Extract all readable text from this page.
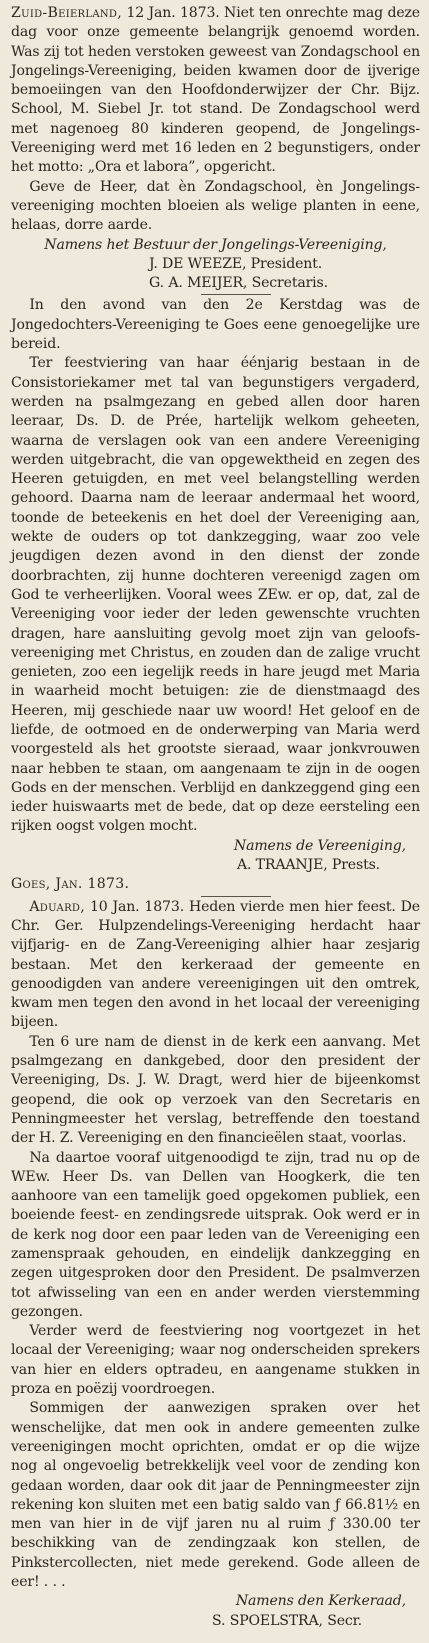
Zuid-Beierland, 12 Jan. 1873. Niet ten onrechte mag deze dag voor onze gemeente belangrijk genoemd worden. Was zij tot heden verstoken geweest van Zondagschool en Jongelings-Vereeniging, beiden kwamen door de ijverige bemoeiingen van den Hoofdonderwijzer der Chr. Bijz. School, M. Siebel Jr. tot stand. De Zondagschool werd met nagenoeg 80 kinderen geopend, de Jongelings-Vereeniging werd met 16 leden en 2 begunstigers, onder het motto: „Ora et labora”, opgericht.

Geve de Heer, dat èn Zondagschool, èn Jongelings-vereeniging mochten bloeien als welige planten in eene, helaas, dorre aarde.

Namens het Bestuur der Jongelings-Vereeniging,

J. DE WEEZE, President.

G. A. MEIJER, Secretaris.

In den avond van den 2e Kerstdag was de Jongedochters-Vereeniging te Goes eene genoegelijke ure bereid.

Ter feestviering van haar éénjarig bestaan in de Consistoriekamer met tal van begunstigers vergaderd, werden na psalmgezang en gebed allen door haren leeraar, Ds. D. de Prée, hartelijk welkom geheeten, waarna de verslagen ook van een andere Vereeniging werden uitgebracht, die van opgewektheid en zegen des Heeren getuigden, en met veel belangstelling werden gehoord. Daarna nam de leeraar andermaal het woord, toonde de beteekenis en het doel der Vereeniging aan, wekte de ouders op tot dankzegging, waar zoo vele jeugdigen dezen avond in den dienst der zonde doorbrachten, zij hunne dochteren vereenigd zagen om God te verheerlijken. Vooral wees ZEw. er op, dat, zal de Vereeniging voor ieder der leden gewenschte vruchten dragen, hare aansluiting gevolg moet zijn van geloofs-vereeniging met Christus, en zouden dan de zalige vrucht genieten, zoo een iegelijk reeds in hare jeugd met Maria in waarheid mocht betuigen: zie de dienstmaagd des Heeren, mij geschiede naar uw woord! Het geloof en de liefde, de ootmoed en de onderwerping van Maria werd voorgesteld als het grootste sieraad, waar jonkvrouwen naar hebben te staan, om aangenaam te zijn in de oogen Gods en der menschen. Verblijd en dankzeggend ging een ieder huiswaarts met de bede, dat op deze eersteling een rijken oogst volgen mocht.

Namens de Vereeniging,

A. TRAANJE, Prests.

Goes, Jan. 1873.

Aduard, 10 Jan. 1873. Heden vierde men hier feest. De Chr. Ger. Hulpzendelings-Vereeniging herdacht haar vijfjarig- en de Zang-Vereeniging alhier haar zesjarig bestaan. Met den kerkeraad der gemeente en genoodigden van andere vereenigingen uit den omtrek, kwam men tegen den avond in het locaal der vereeniging bijeen.

Ten 6 ure nam de dienst in de kerk een aanvang. Met psalmgezang en dankgebed, door den president der Vereeniging, Ds. J. W. Dragt, werd hier de bijeenkomst geopend, die ook op verzoek van den Secretaris en Penningmeester het verslag, betreffende den toestand der H. Z. Vereeniging en den financieëlen staat, voorlas.

Na daartoe vooraf uitgenoodigd te zijn, trad nu op de WEw. Heer Ds. van Dellen van Hoogkerk, die ten aanhoore van een tamelijk goed opgekomen publiek, een boeiende feest- en zendingsrede uitsprak. Ook werd er in de kerk nog door een paar leden van de Vereeniging een zamenspraak gehouden, en eindelijk dankzegging en zegen uitgesproken door den President. De psalmverzen tot afwisseling van een en ander werden vierstemming gezongen.

Verder werd de feestviering nog voortgezet in het locaal der Vereeniging; waar nog onderscheiden sprekers van hier en elders optradeu, en aangename stukken in proza en poëzij voordroegen.

Sommigen der aanwezigen spraken over het wenschelijke, dat men ook in andere gemeenten zulke vereenigingen mocht oprichten, omdat er op die wijze nog al ongevoelig betrekkelijk veel voor de zending kon gedaan worden, daar ook dit jaar de Penningmeester zijn rekening kon sluiten met een batig saldo van ƒ 66.81½ en men van hier in de vijf jaren nu al ruim ƒ 330.00 ter beschikking van de zendingzaak kon stellen, de Pinkstercollecten, niet mede gerekend. Gode alleen de eer! . . .

Namens den Kerkeraad,

S. SPOELSTRA, Secr.
